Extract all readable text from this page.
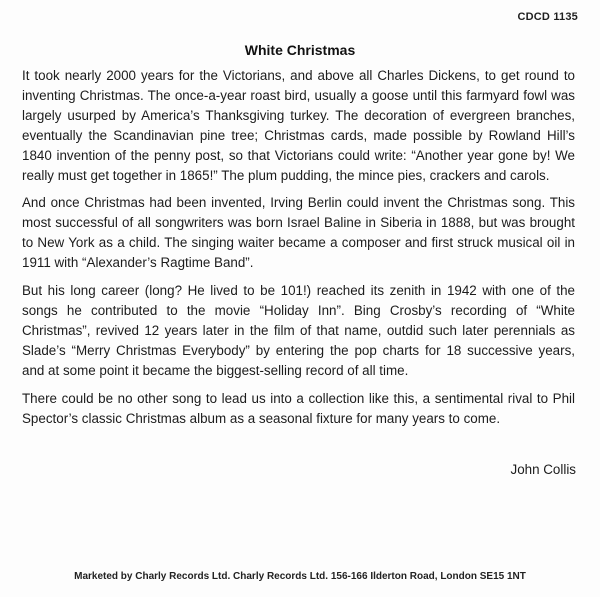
CDCD 1135
White Christmas

It took nearly 2000 years for the Victorians, and above all Charles Dickens, to get round to inventing Christmas. The once-a-year roast bird, usually a goose until this farmyard fowl was largely usurped by America’s Thanksgiving turkey. The decoration of evergreen branches, eventually the Scandinavian pine tree; Christmas cards, made possible by Rowland Hill’s 1840 invention of the penny post, so that Victorians could write: “Another year gone by! We really must get together in 1865!” The plum pudding, the mince pies, crackers and carols.

And once Christmas had been invented, Irving Berlin could invent the Christmas song. This most successful of all songwriters was born Israel Baline in Siberia in 1888, but was brought to New York as a child. The singing waiter became a composer and first struck musical oil in 1911 with “Alexander’s Ragtime Band”.

But his long career (long? He lived to be 101!) reached its zenith in 1942 with one of the songs he contributed to the movie “Holiday Inn”. Bing Crosby’s recording of “White Christmas”, revived 12 years later in the film of that name, outdid such later perennials as Slade’s “Merry Christmas Everybody” by entering the pop charts for 18 successive years, and at some point it became the biggest-selling record of all time.

There could be no other song to lead us into a collection like this, a sentimental rival to Phil Spector’s classic Christmas album as a seasonal fixture for many years to come.

John Collis
Marketed by Charly Records Ltd. Charly Records Ltd. 156-166 Ilderton Road, London SE15 1NT
